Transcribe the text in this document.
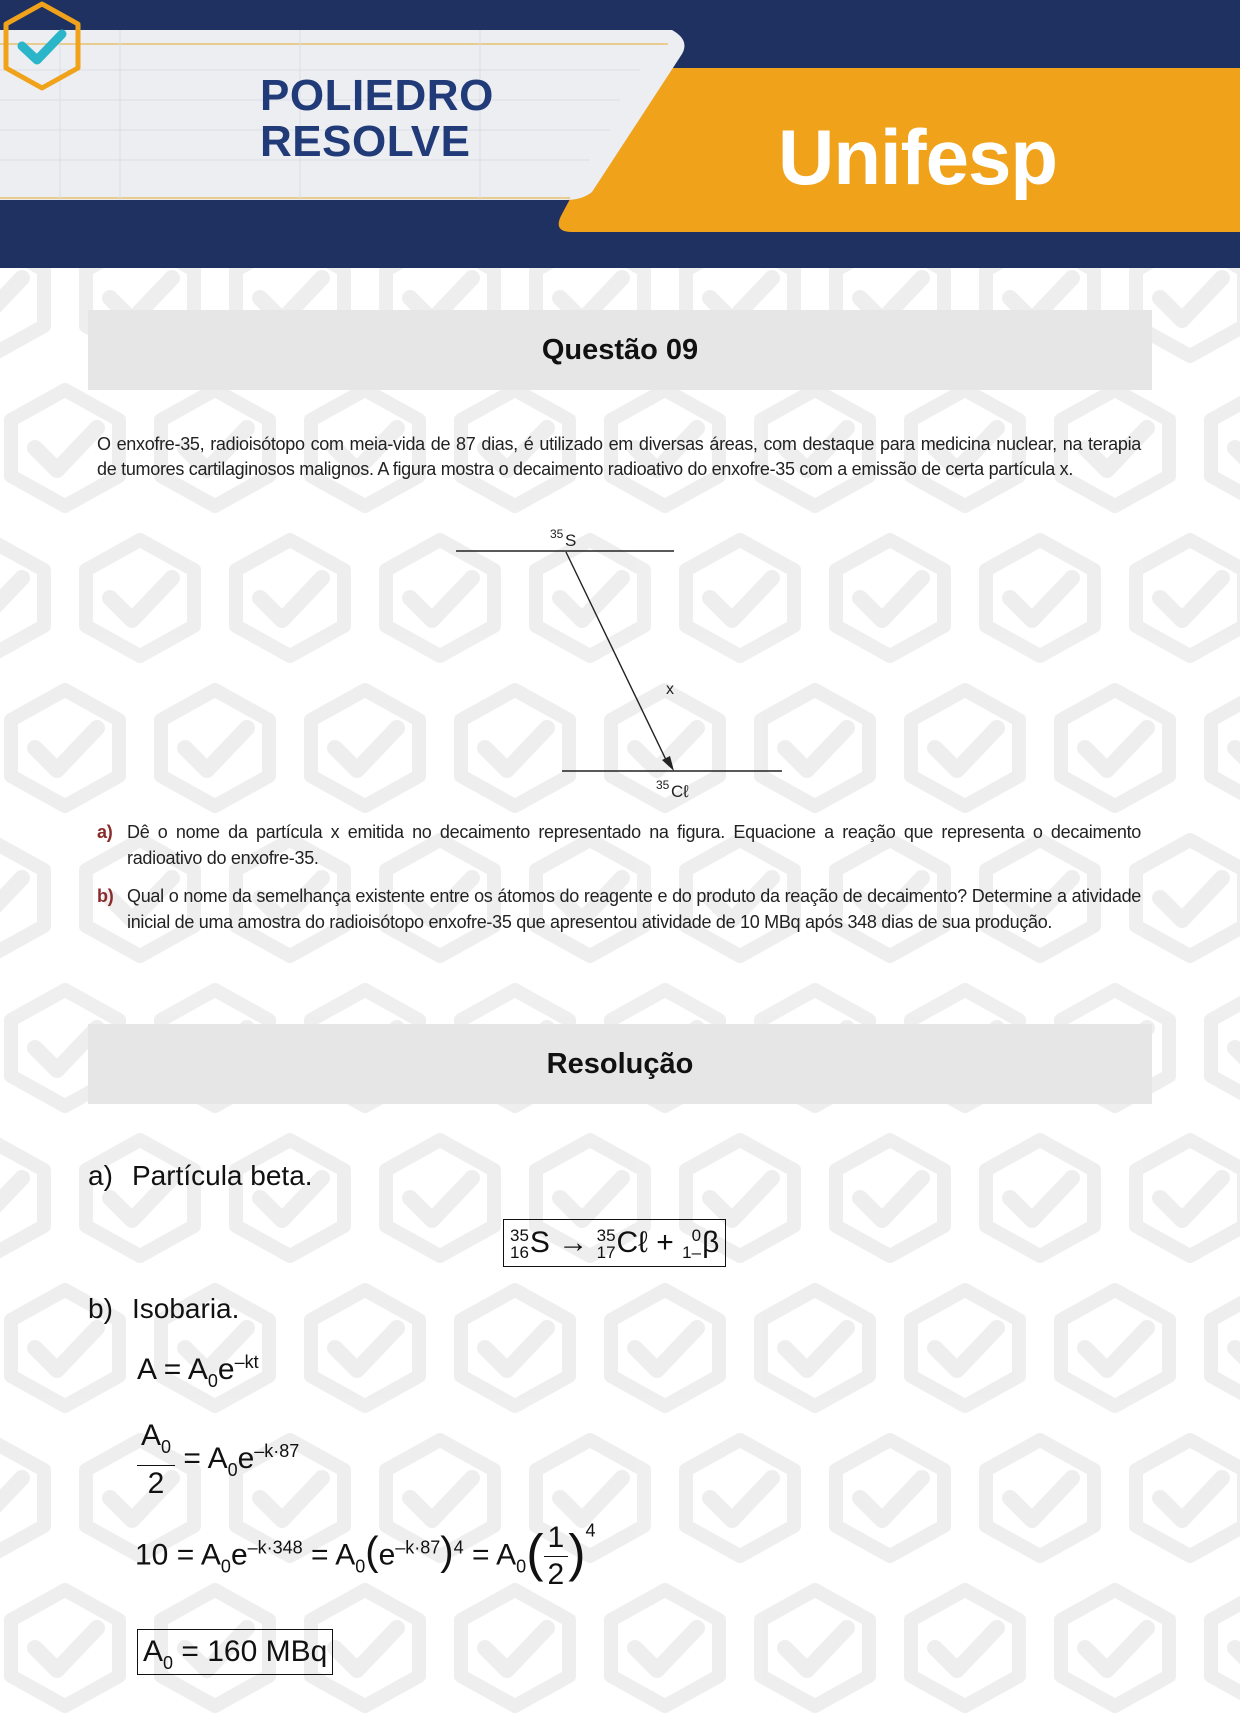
POLIEDRO
RESOLVE	Unifesp
Questão 09
O enxofre-35, radioisótopo com meia-vida de 87 dias, é utilizado em diversas áreas, com destaque para medicina nuclear, na terapia de tumores cartilaginosos malignos. A figura mostra o decaimento radioativo do enxofre-35 com a emissão de certa partícula x.
35 S
x
35 Cℓ
a) Dê o nome da partícula x emitida no decaimento representado na figura. Equacione a reação que representa o decaimento radioativo do enxofre-35.
b) Qual o nome da semelhança existente entre os átomos do reagente e do produto da reação de decaimento? Determine a atividade inicial de uma amostra do radioisótopo enxofre-35 que apresentou atividade de 10 MBq após 348 dias de sua produção.
Resolução
a) Partícula beta.
35
16 S → 35
17 Cℓ +	0
1– β
b) Isobaria.
$A = A_0e^{-kt}$
$\frac{A_0}{2} = A_0e^{-k\cdot 87}$
$10 = A_0e^{-k\cdot 348} = A_0(e^{-k\cdot 87})^4 = A_0( \frac{1}{2} )^4$
$A_0 = 160$ MBq
